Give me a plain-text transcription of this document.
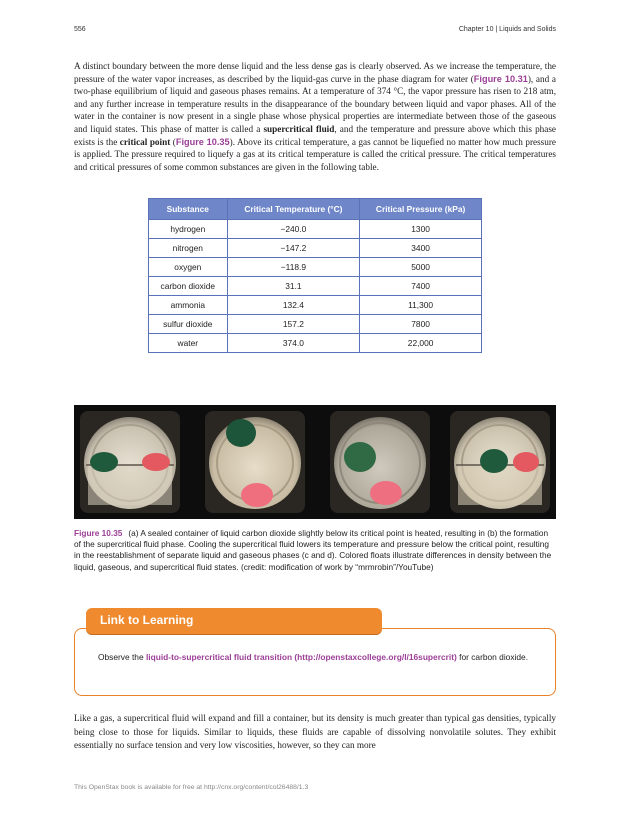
556	Chapter 10 | Liquids and Solids

A distinct boundary between the more dense liquid and the less dense gas is clearly observed. As we increase the temperature, the pressure of the water vapor increases, as described by the liquid-gas curve in the phase diagram for water (Figure 10.31), and a two-phase equilibrium of liquid and gaseous phases remains. At a temperature of 374 °C, the vapor pressure has risen to 218 atm, and any further increase in temperature results in the disappearance of the boundary between liquid and vapor phases. All of the water in the container is now present in a single phase whose physical properties are intermediate between those of the gaseous and liquid states. This phase of matter is called a supercritical fluid, and the temperature and pressure above which this phase exists is the critical point (Figure 10.35). Above its critical temperature, a gas cannot be liquefied no matter how much pressure is applied. The pressure required to liquefy a gas at its critical temperature is called the critical pressure. The critical temperatures and critical pressures of some common substances are given in the following table.

Substance	Critical Temperature (°C)	Critical Pressure (kPa)
hydrogen	−240.0	1300
nitrogen	−147.2	3400
oxygen	−118.9	5000
carbon dioxide	31.1	7400
ammonia	132.4	11,300
sulfur dioxide	157.2	7800
water	374.0	22,000

Figure 10.35 (a) A sealed container of liquid carbon dioxide slightly below its critical point is heated, resulting in (b) the formation of the supercritical fluid phase. Cooling the supercritical fluid lowers its temperature and pressure below the critical point, resulting in the reestablishment of separate liquid and gaseous phases (c and d). Colored floats illustrate differences in density between the liquid, gaseous, and supercritical fluid states. (credit: modification of work by “mrmrobin”/YouTube)

Link to Learning

Observe the liquid-to-supercritical fluid transition (http://openstaxcollege.org/l/16supercrit) for carbon dioxide.

Like a gas, a supercritical fluid will expand and fill a container, but its density is much greater than typical gas densities, typically being close to those for liquids. Similar to liquids, these fluids are capable of dissolving nonvolatile solutes. They exhibit essentially no surface tension and very low viscosities, however, so they can more

This OpenStax book is available for free at http://cnx.org/content/col26488/1.3
